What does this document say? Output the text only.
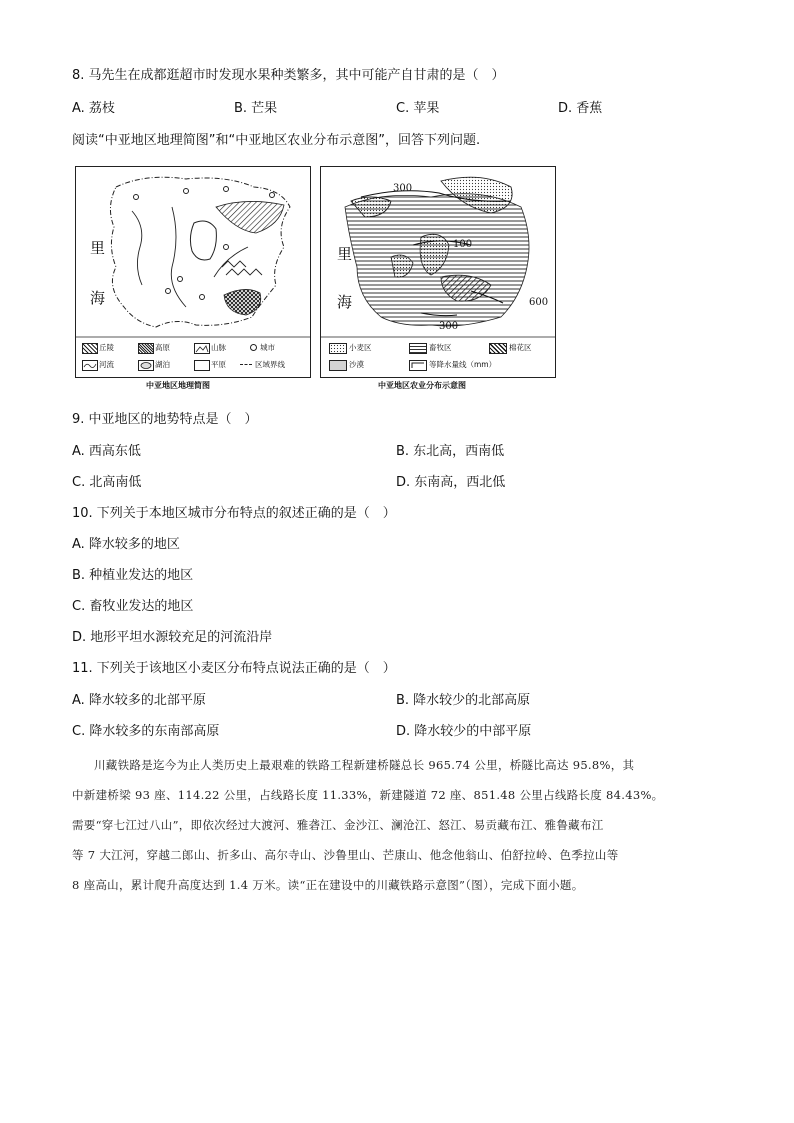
8. 马先生在成都逛超市时发现水果种类繁多，其中可能产自甘肃的是（　）
A. 荔枝	B. 芒果	C. 苹果	D. 香蕉
阅读“中亚地区地理简图”和“中亚地区农业分布示意图”，回答下列问题.
里
海
丘陵	高原	山脉	城市
河流	湖泊	平原	区域界线
中亚地区地理简图
里
海
300
100
600
300
小麦区	畜牧区	棉花区
沙漠	等降水量线（mm）
中亚地区农业分布示意图
9. 中亚地区的地势特点是（　）
A. 西高东低	B. 东北高，西南低
C. 北高南低	D. 东南高，西北低
10. 下列关于本地区城市分布特点的叙述正确的是（　）
A. 降水较多的地区
B. 种植业发达的地区
C. 畜牧业发达的地区
D. 地形平坦水源较充足的河流沿岸
11. 下列关于该地区小麦区分布特点说法正确的是（　）
A. 降水较多的北部平原	B. 降水较少的北部高原
C. 降水较多的东南部高原	D. 降水较少的中部平原
川藏铁路是迄今为止人类历史上最艰难的铁路工程新建桥隧总长 965.74 公里，桥隧比高达 95.8%，其
中新建桥梁 93 座、114.22 公里，占线路长度 11.33%，新建隧道 72 座、851.48 公里占线路长度 84.43%。
需要“穿七江过八山”，即依次经过大渡河、雅砻江、金沙江、澜沧江、怒江、易贡藏布江、雅鲁藏布江
等 7 大江河，穿越二郎山、折多山、高尔寺山、沙鲁里山、芒康山、他念他翁山、伯舒拉岭、色季拉山等
8 座高山，累计爬升高度达到 1.4 万米。读“正在建设中的川藏铁路示意图”（图），完成下面小题。
